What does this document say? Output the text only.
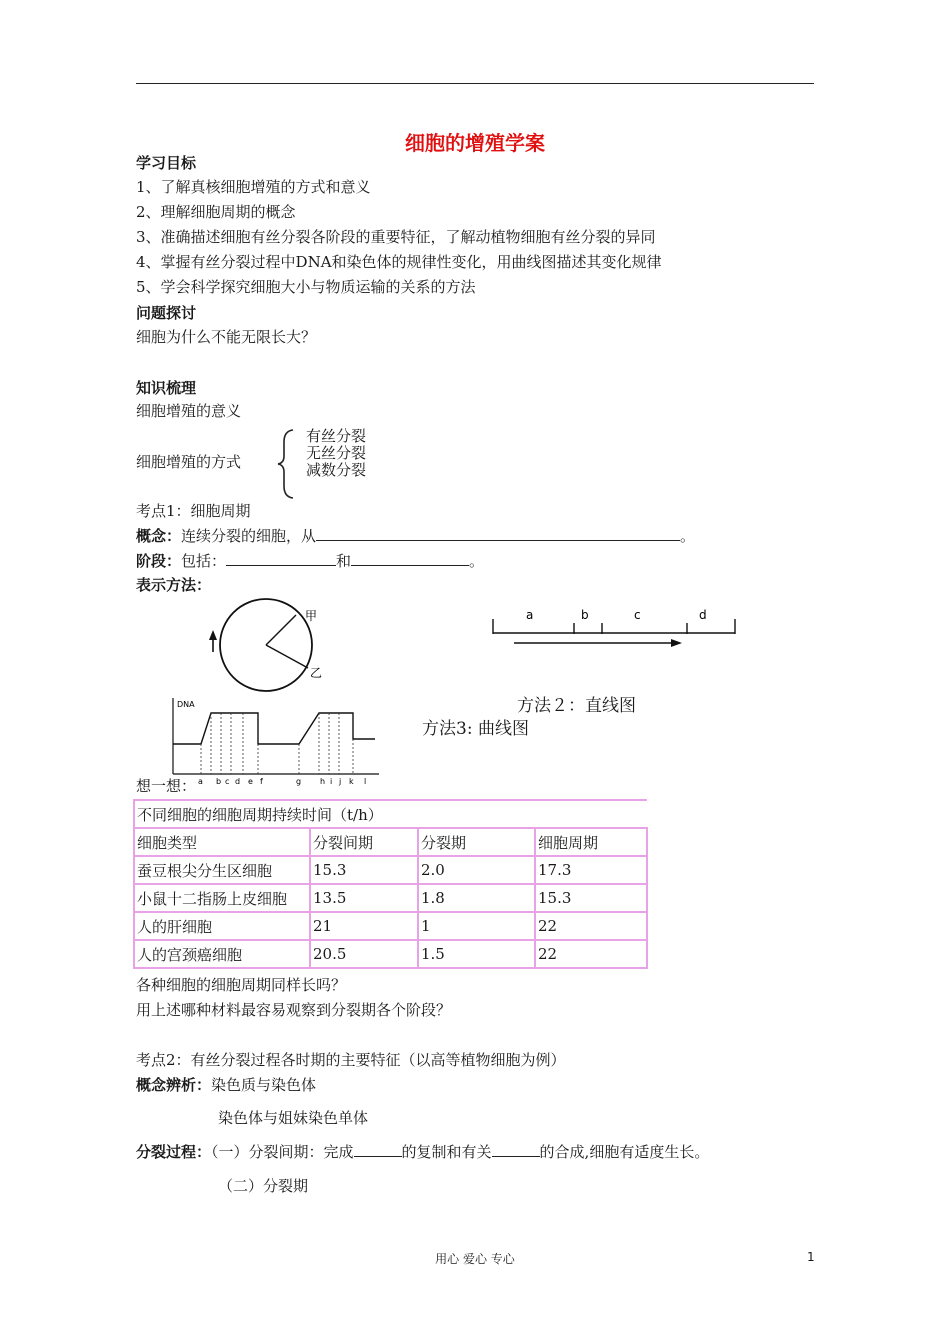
细胞的增殖学案
学习目标
1、了解真核细胞增殖的方式和意义
2、理解细胞周期的概念
3、准确描述细胞有丝分裂各阶段的重要特征，了解动植物细胞有丝分裂的异同
4、掌握有丝分裂过程中DNA和染色体的规律性变化，用曲线图描述其变化规律
5、学会科学探究细胞大小与物质运输的关系的方法
问题探讨
细胞为什么不能无限长大？
知识梳理
细胞增殖的意义
细胞增殖的方式
有丝分裂
无丝分裂
减数分裂
考点1：细胞周期
概念：连续分裂的细胞，从	。
阶段：包括：	和	。
表示方法：
甲
乙
a	b	c	d
方法２：直线图
方法3: 曲线图
DNA
a b c d e f	g h i j k l
想一想：
不同细胞的细胞周期持续时间（t/h）			
细胞类型	分裂间期	分裂期	细胞周期
蚕豆根尖分生区细胞	15.3	2.0	17.3
小鼠十二指肠上皮细胞	13.5	1.8	15.3
人的肝细胞	21	1	22
人的宫颈癌细胞	20.5	1.5	22
各种细胞的细胞周期同样长吗？
用上述哪种材料最容易观察到分裂期各个阶段？
考点2：有丝分裂过程各时期的主要特征（以高等植物细胞为例）
概念辨析：染色质与染色体
染色体与姐妹染色单体
分裂过程：（一）分裂间期：完成	的复制和有关	的合成,细胞有适度生长。
（二）分裂期
用心 爱心 专心	1
